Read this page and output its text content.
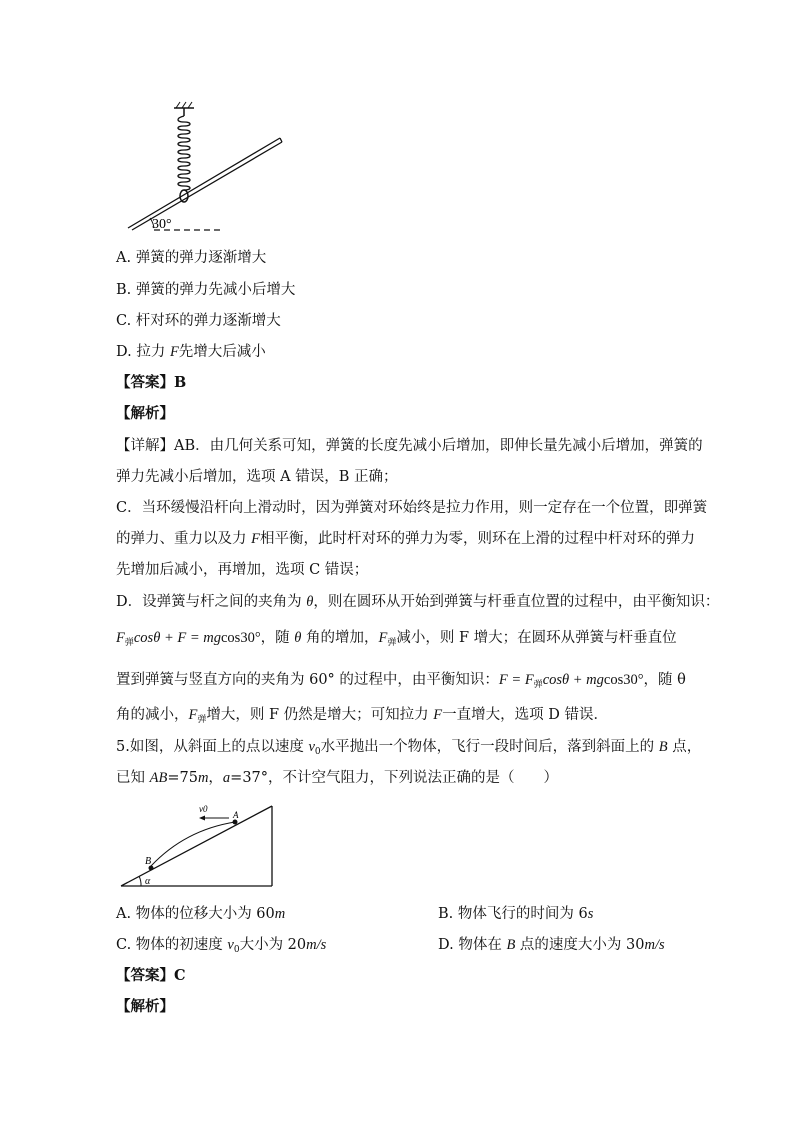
30°
A. 弹簧的弹力逐渐增大
B. 弹簧的弹力先减小后增大
C. 杆对环的弹力逐渐增大
D. 拉力 F先增大后减小
【答案】B
【解析】
【详解】AB．由几何关系可知，弹簧的长度先减小后增加，即伸长量先减小后增加，弹簧的
弹力先减小后增加，选项 A 错误，B 正确；
C．当环缓慢沿杆向上滑动时，因为弹簧对环始终是拉力作用，则一定存在一个位置，即弹簧
的弹力、重力以及力 F相平衡，此时杆对环的弹力为零，则环在上滑的过程中杆对环的弹力
先增加后减小，再增加，选项 C 错误；
D．设弹簧与杆之间的夹角为 θ，则在圆环从开始到弹簧与杆垂直位置的过程中，由平衡知识：
$F_弹\cos\theta + F = mgcos30^\circ$，随 θ 角的增加，$F_弹$减小，则 F 增大；在圆环从弹簧与杆垂直位
置到弹簧与竖直方向的夹角为 60° 的过程中，由平衡知识：$F = F_弹\cos\theta + mgcos30^\circ$，随 θ
角的减小，$F_弹$增大，则 F 仍然是增大；可知拉力 F一直增大，选项 D 错误．
5.如图，从斜面上的点以速度 $v_0$水平抛出一个物体，飞行一段时间后，落到斜面上的 B 点，
已知 AB=75m，a=37°，不计空气阻力，下列说法正确的是（　　）
v0
A
B
α
A. 物体的位移大小为 60m	B. 物体飞行的时间为 6s
C. 物体的初速度 $v_0$大小为 20m/s	D. 物体在 B 点的速度大小为 30m/s
【答案】C
【解析】
